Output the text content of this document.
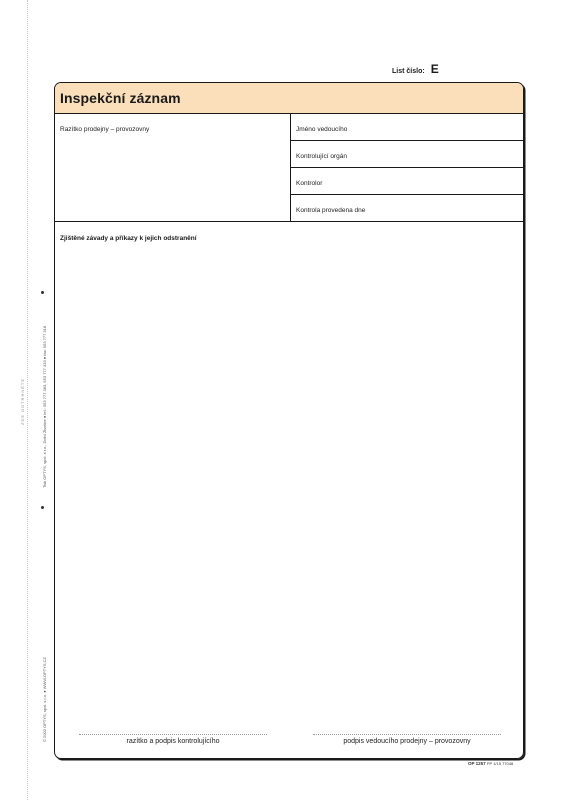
ZDE ODTRHNĚTE	Tisk OPTYS, spol. s r.o., Dolní Životice ● tel.: 553 777 383, 553 777 333 ● fax: 553 777 318
© 2002 OPTYS, spol. s r.o. ● WWW.OPTYS.CZ
List číslo: E
Inspekční záznam
Razítko prodejny – provozovny	Jméno vedoucího
Kontrolující orgán
Kontrolor
Kontrola provedena dne
Zjištěné závady a příkazy k jejich odstranění
razítko a podpis kontrolujícího	podpis vedoucího prodejny – provozovny
OP 1257 PP 1/15 77048
